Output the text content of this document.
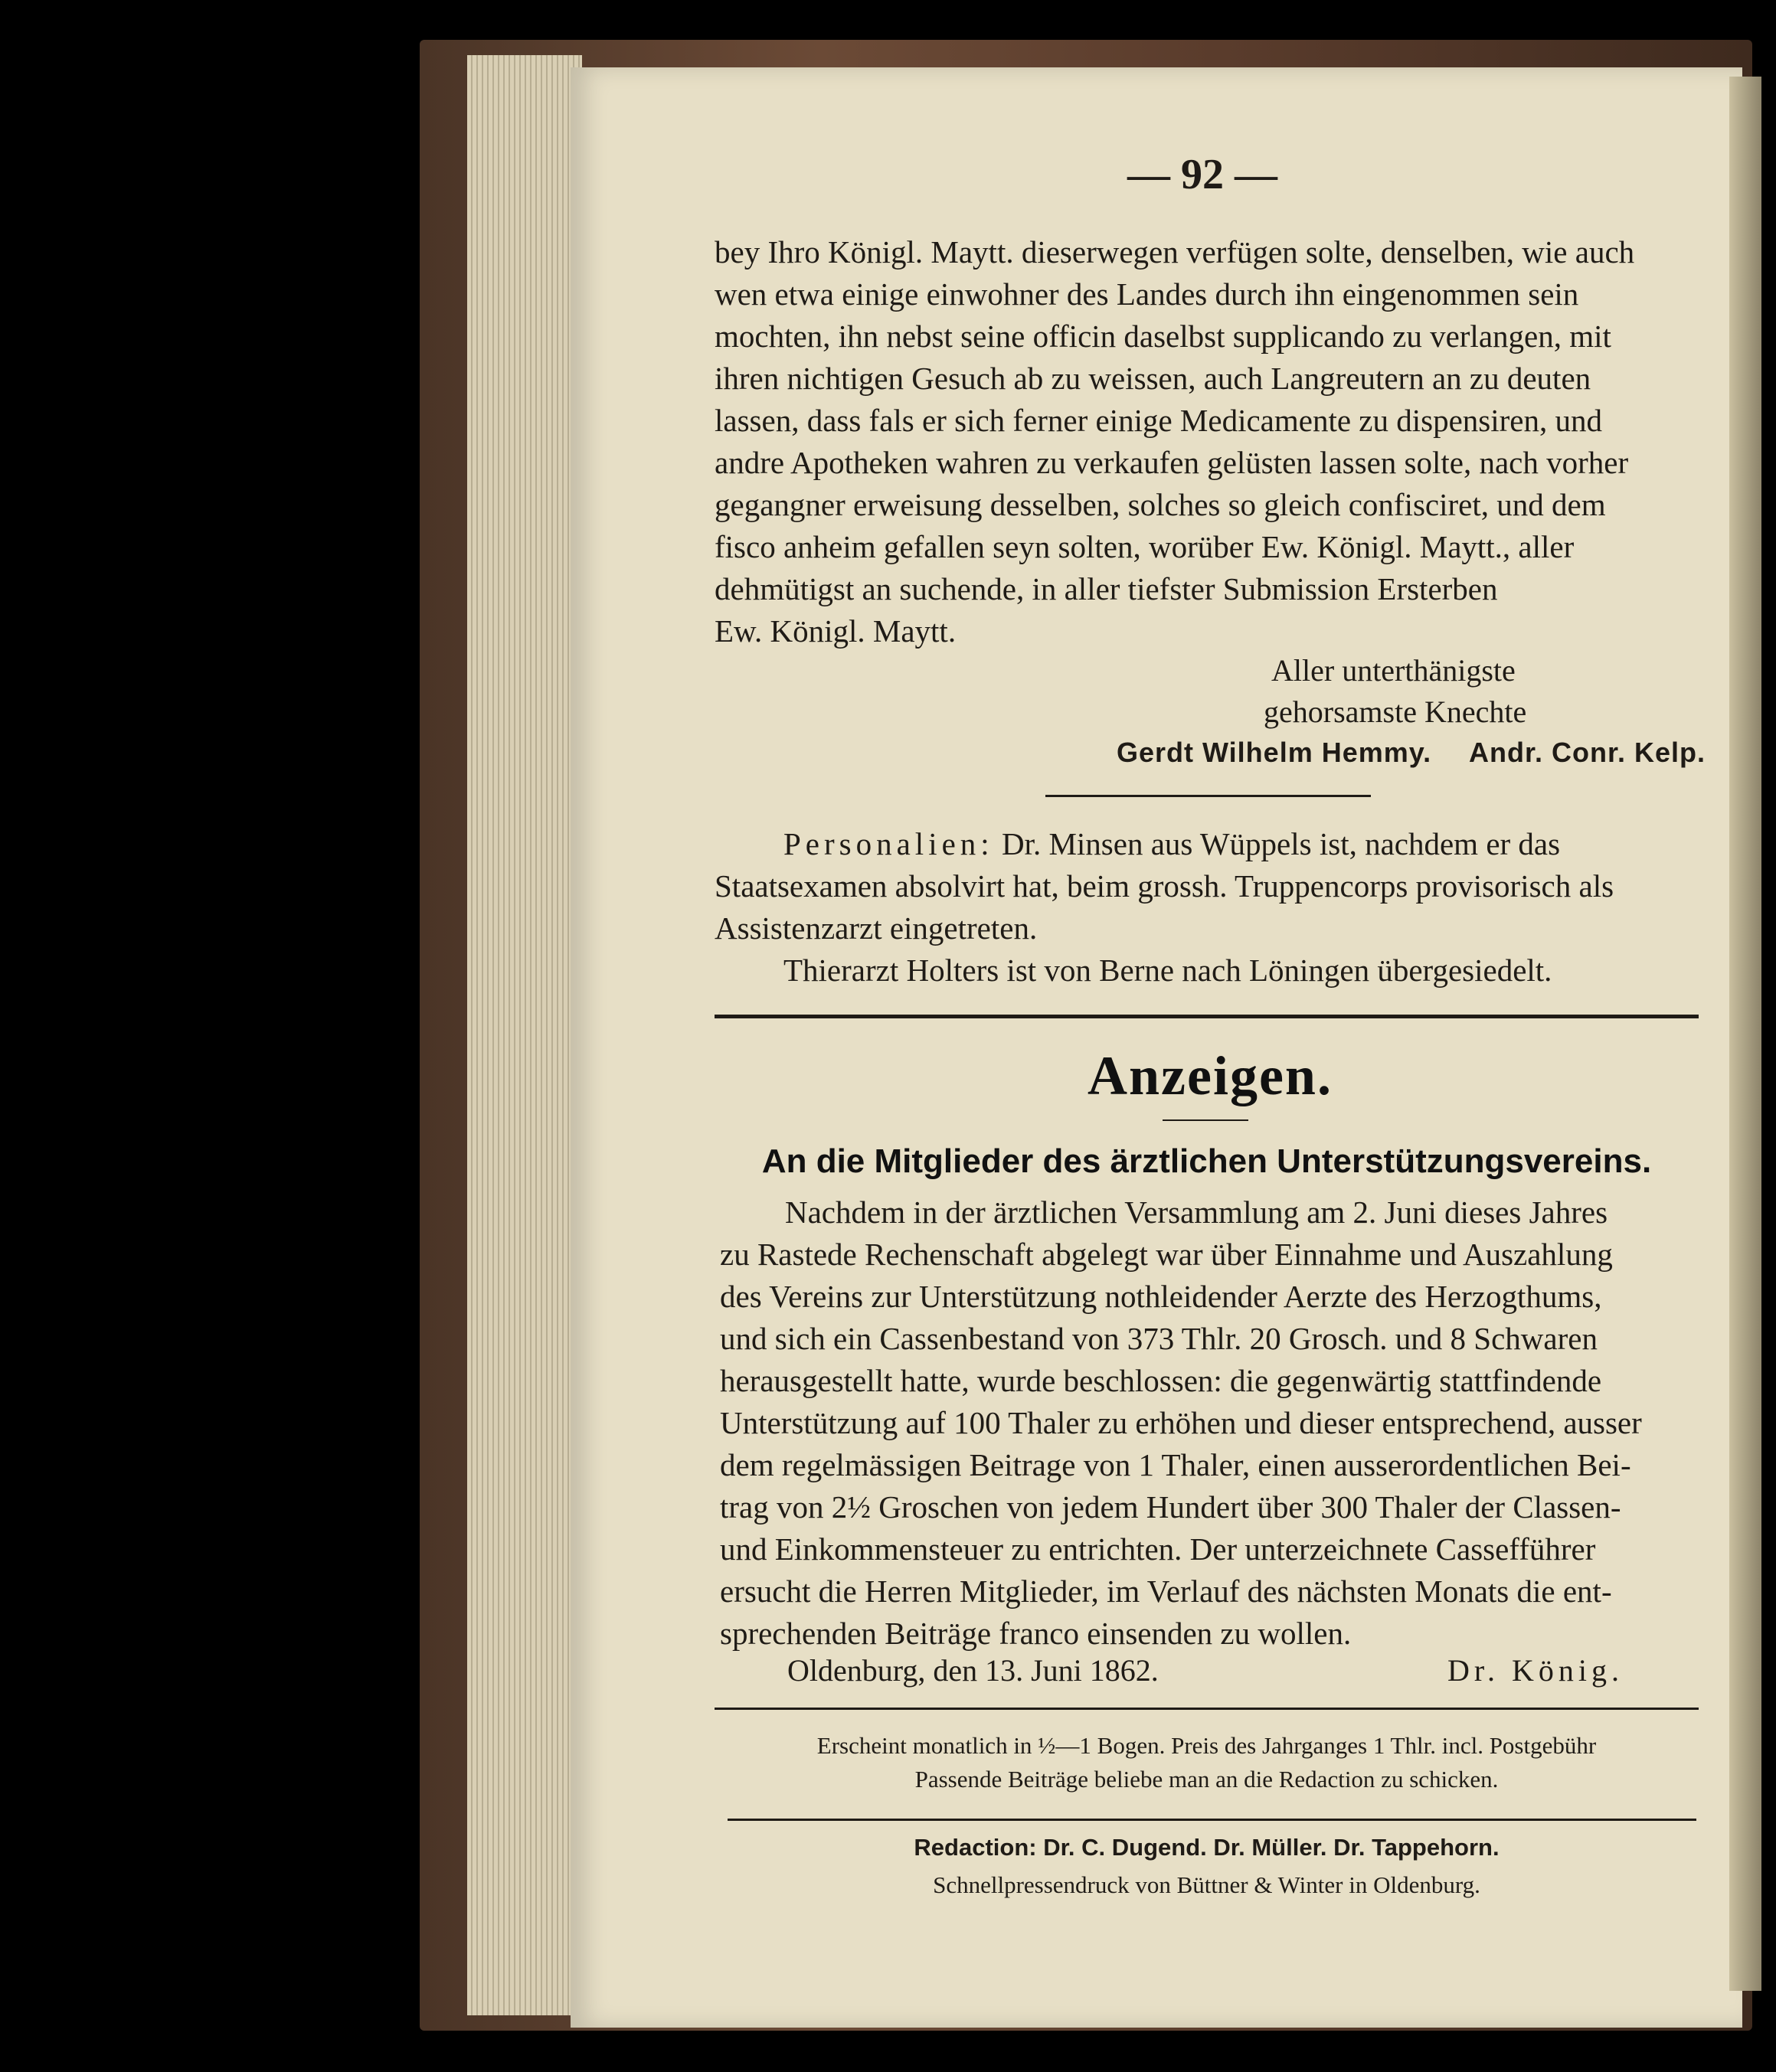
— 92 —

bey Ihro Königl. Maytt. dieserwegen verfügen solte, denselben, wie auch

wen etwa einige einwohner des Landes durch ihn eingenommen sein

mochten, ihn nebst seine officin daselbst supplicando zu verlangen, mit

ihren nichtigen Gesuch ab zu weissen, auch Langreutern an zu deuten

lassen, dass fals er sich ferner einige Medicamente zu dispensiren, und

andre Apotheken wahren zu verkaufen gelüsten lassen solte, nach vorher

gegangner erweisung desselben, solches so gleich confisciret, und dem

fisco anheim gefallen seyn solten, worüber Ew. Königl. Maytt., aller

dehmütigst an suchende, in aller tiefster Submission Ersterben

Ew. Königl. Maytt.

Aller unterthänigste
gehorsamste Knechte
Gerdt Wilhelm Hemmy. Andr. Conr. Kelp.

Personalien: Dr. Minsen aus Wüppels ist, nachdem er das

Staatsexamen absolvirt hat, beim grossh. Truppencorps provisorisch als

Assistenzarzt eingetreten.

Thierarzt Holters ist von Berne nach Löningen übergesiedelt.

Anzeigen.
An die Mitglieder des ärztlichen Unterstützungsvereins.

Nachdem in der ärztlichen Versammlung am 2. Juni dieses Jahres

zu Rastede Rechenschaft abgelegt war über Einnahme und Auszahlung

des Vereins zur Unterstützung nothleidender Aerzte des Herzogthums,

und sich ein Cassenbestand von 373 Thlr. 20 Grosch. und 8 Schwaren

herausgestellt hatte, wurde beschlossen: die gegenwärtig stattfindende

Unterstützung auf 100 Thaler zu erhöhen und dieser entsprechend, ausser

dem regelmässigen Beitrage von 1 Thaler, einen ausserordentlichen Bei-

trag von 2½ Groschen von jedem Hundert über 300 Thaler der Classen-

und Einkommensteuer zu entrichten. Der unterzeichnete Cassefführer

ersucht die Herren Mitglieder, im Verlauf des nächsten Monats die ent-

sprechenden Beiträge franco einsenden zu wollen.

Oldenburg, den 13. Juni 1862.	Dr. König.
Erscheint monatlich in ½—1 Bogen. Preis des Jahrganges 1 Thlr. incl. Postgebühr
Passende Beiträge beliebe man an die Redaction zu schicken.
Redaction: Dr. C. Dugend. Dr. Müller. Dr. Tappehorn.
Schnellpressendruck von Büttner & Winter in Oldenburg.
